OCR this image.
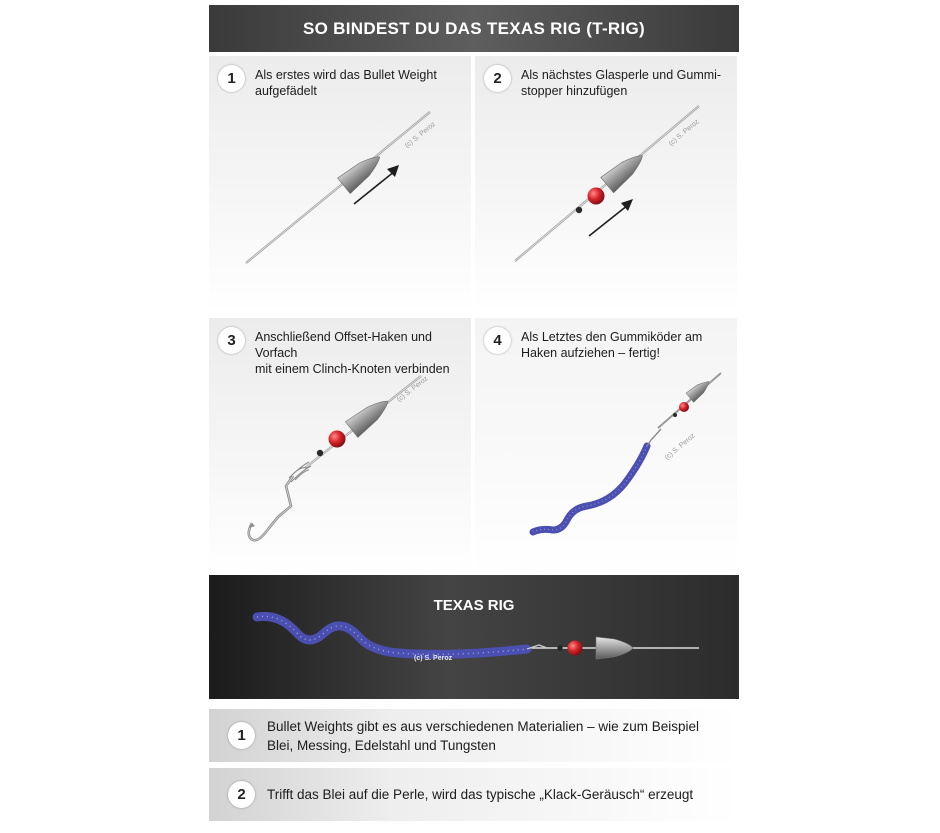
SO BINDEST DU DAS TEXAS RIG (T-RIG)
(c) S. Peroz
1	Als erstes wird das Bullet Weight
aufgefädelt
(c) S. Peroz
2	Als nächstes Glasperle und Gummi-
stopper hinzufügen
(c) S. Peroz
3	Anschließend Offset-Haken und Vorfach
mit einem Clinch-Knoten verbinden
(c) S. Peroz
4	Als Letztes den Gummiköder am
Haken aufziehen – fertig!
(c) S. Peroz
TEXAS RIG
1
Bullet Weights gibt es aus verschiedenen Materialien – wie zum Beispiel Blei, Messing, Edelstahl und Tungsten
2	Trifft das Blei auf die Perle, wird das typische „Klack-Geräusch“ erzeugt
